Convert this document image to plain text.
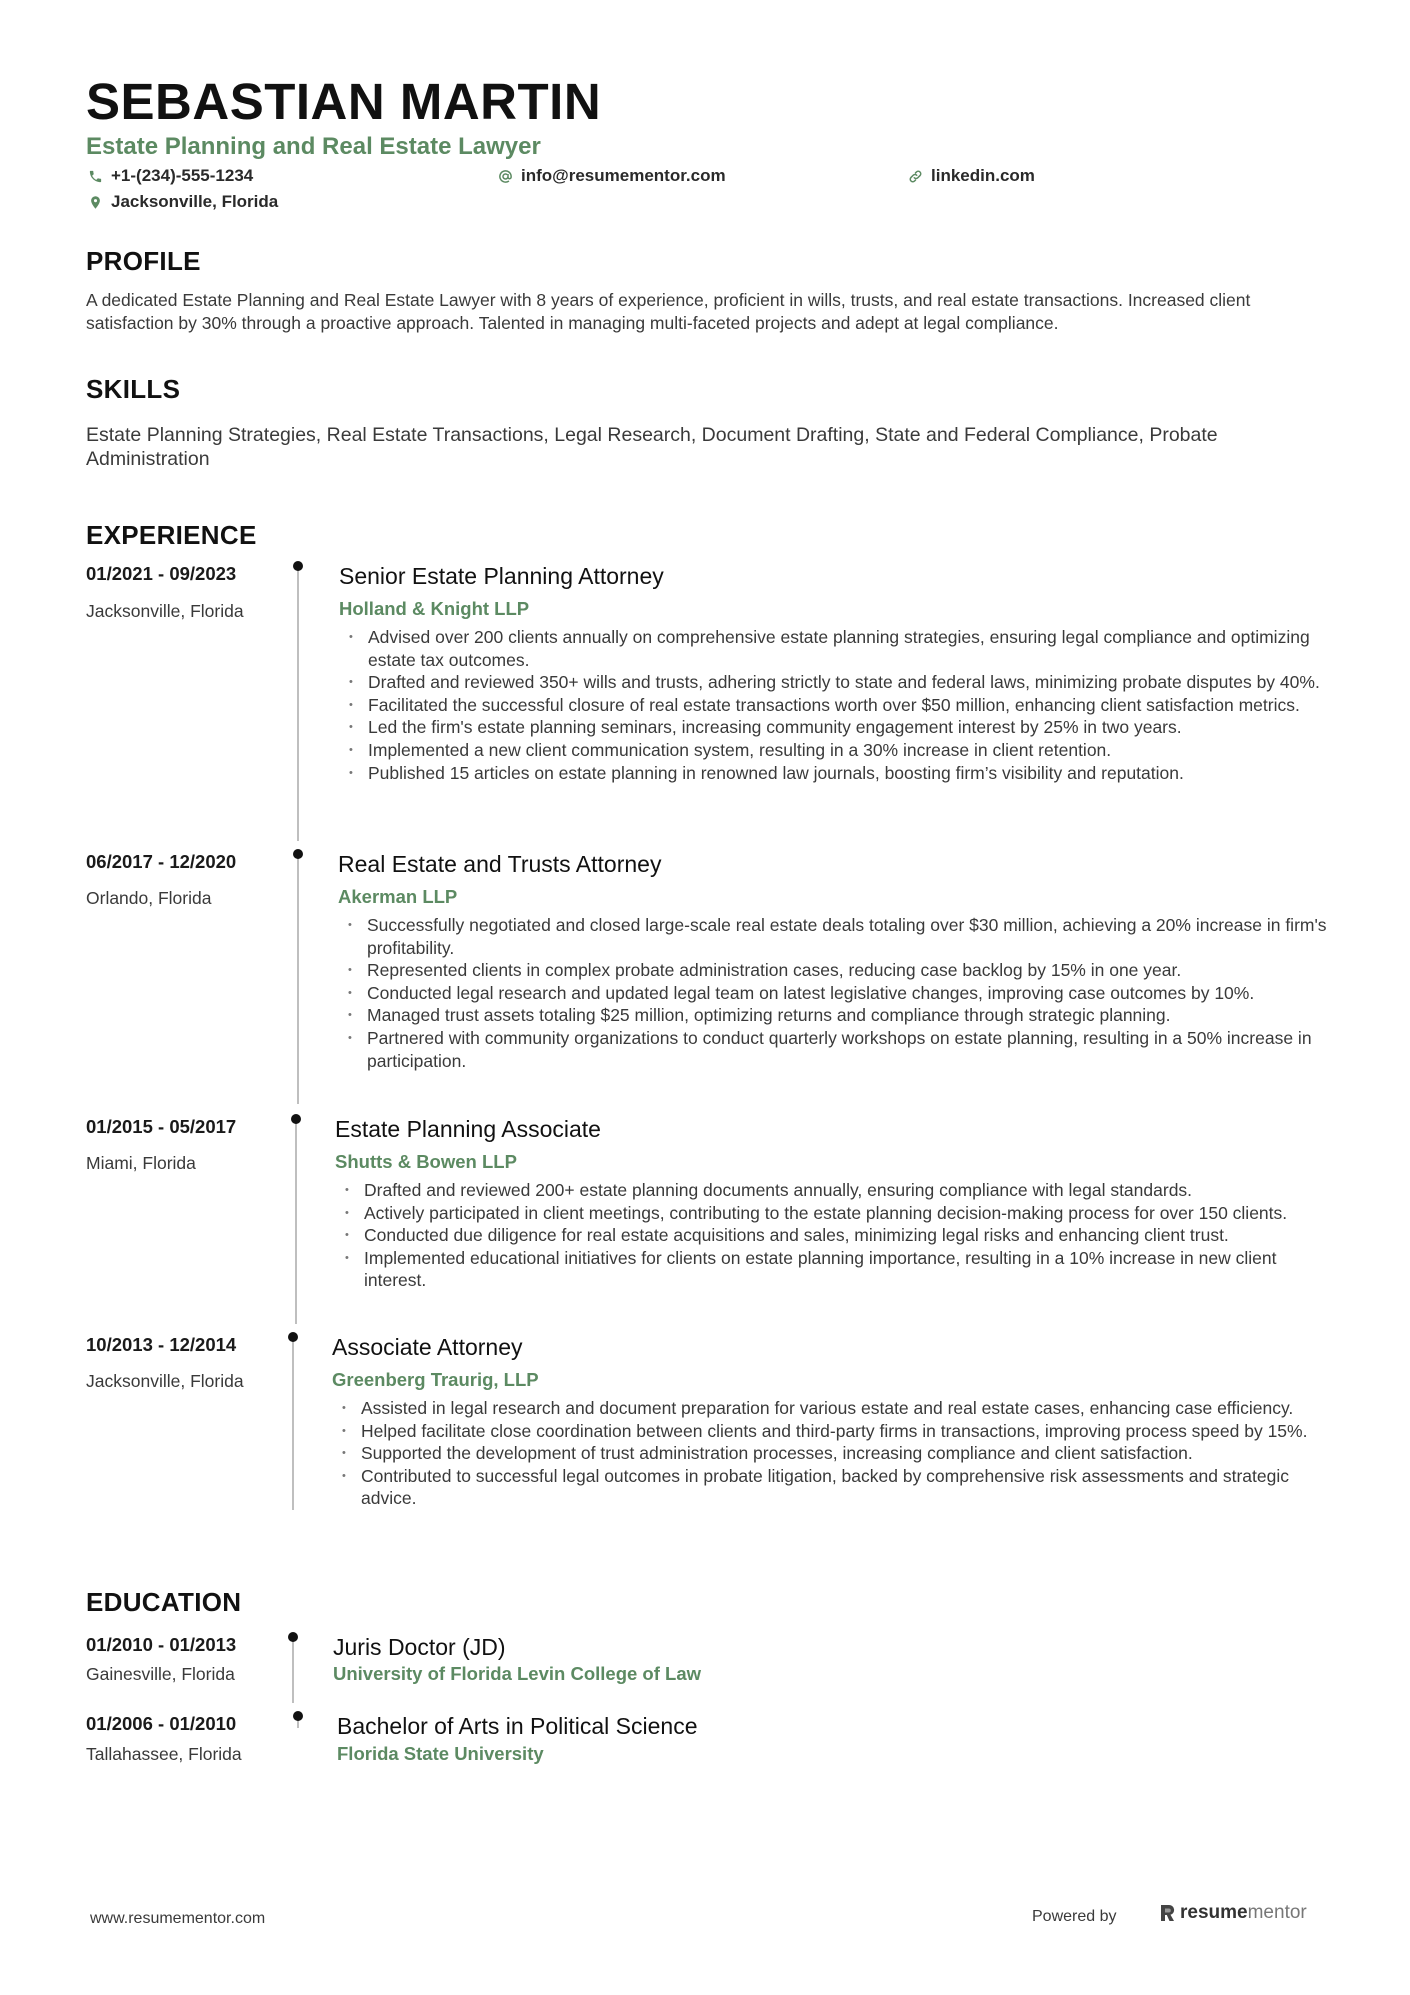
SEBASTIAN MARTIN
Estate Planning and Real Estate Lawyer
+1-(234)-555-1234	info@resumementor.com	linkedin.com
Jacksonville, Florida
PROFILE
A dedicated Estate Planning and Real Estate Lawyer with 8 years of experience, proficient in wills, trusts, and real estate transactions. Increased client satisfaction by 30% through a proactive approach. Talented in managing multi-faceted projects and adept at legal compliance.
SKILLS
Estate Planning Strategies, Real Estate Transactions, Legal Research, Document Drafting, State and Federal Compliance, Probate Administration
EXPERIENCE
01/2021 - 09/2023
Jacksonville, Florida
Senior Estate Planning Attorney
Holland & Knight LLP
• Advised over 200 clients annually on comprehensive estate planning strategies, ensuring legal compliance and optimizing estate tax outcomes.
• Drafted and reviewed 350+ wills and trusts, adhering strictly to state and federal laws, minimizing probate disputes by 40%.
• Facilitated the successful closure of real estate transactions worth over $50 million, enhancing client satisfaction metrics.
• Led the firm's estate planning seminars, increasing community engagement interest by 25% in two years.
• Implemented a new client communication system, resulting in a 30% increase in client retention.
• Published 15 articles on estate planning in renowned law journals, boosting firm’s visibility and reputation.
06/2017 - 12/2020
Orlando, Florida
Real Estate and Trusts Attorney
Akerman LLP
• Successfully negotiated and closed large-scale real estate deals totaling over $30 million, achieving a 20% increase in firm's profitability.
• Represented clients in complex probate administration cases, reducing case backlog by 15% in one year.
• Conducted legal research and updated legal team on latest legislative changes, improving case outcomes by 10%.
• Managed trust assets totaling $25 million, optimizing returns and compliance through strategic planning.
• Partnered with community organizations to conduct quarterly workshops on estate planning, resulting in a 50% increase in participation.
01/2015 - 05/2017
Miami, Florida
Estate Planning Associate
Shutts & Bowen LLP
• Drafted and reviewed 200+ estate planning documents annually, ensuring compliance with legal standards.
• Actively participated in client meetings, contributing to the estate planning decision-making process for over 150 clients.
• Conducted due diligence for real estate acquisitions and sales, minimizing legal risks and enhancing client trust.
• Implemented educational initiatives for clients on estate planning importance, resulting in a 10% increase in new client interest.
10/2013 - 12/2014
Jacksonville, Florida
Associate Attorney
Greenberg Traurig, LLP
• Assisted in legal research and document preparation for various estate and real estate cases, enhancing case efficiency.
• Helped facilitate close coordination between clients and third-party firms in transactions, improving process speed by 15%.
• Supported the development of trust administration processes, increasing compliance and client satisfaction.
• Contributed to successful legal outcomes in probate litigation, backed by comprehensive risk assessments and strategic advice.
EDUCATION
01/2010 - 01/2013
Gainesville, Florida
Juris Doctor (JD)
University of Florida Levin College of Law
01/2006 - 01/2010
Tallahassee, Florida
Bachelor of Arts in Political Science
Florida State University
www.resumementor.com	Powered by	resume mentor
